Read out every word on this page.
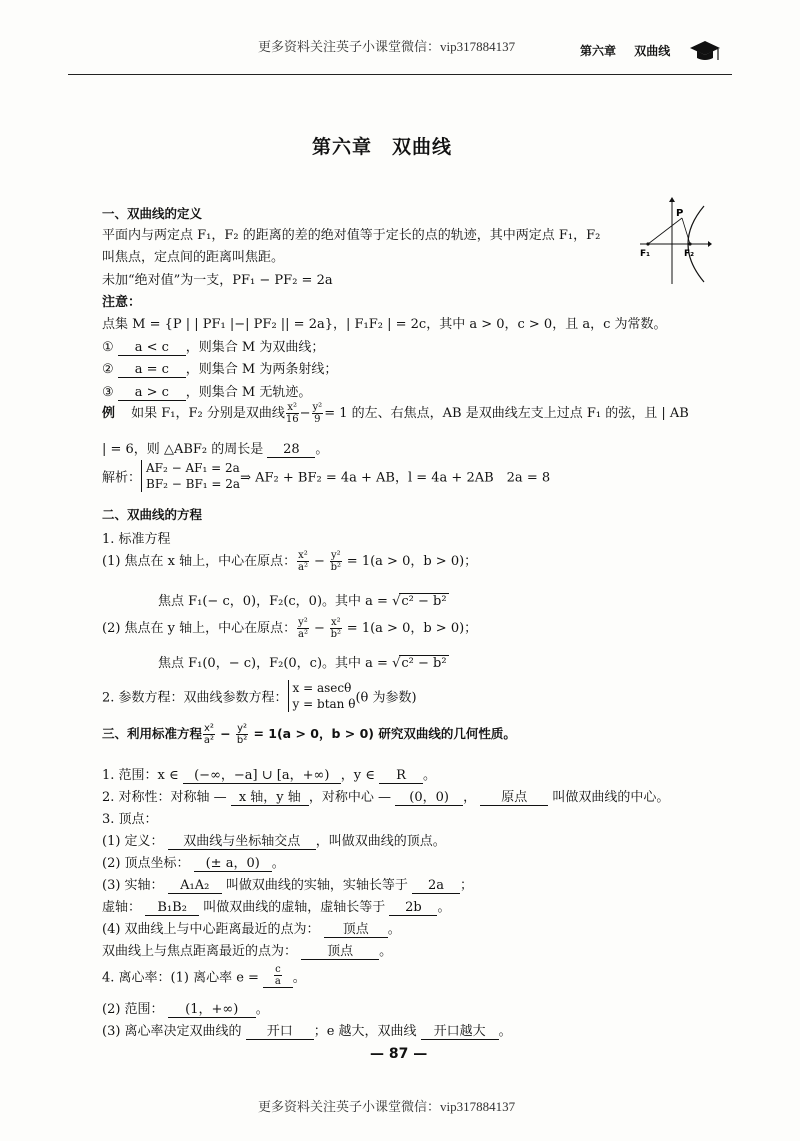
更多资料关注英子小课堂微信：vip317884137	第六章 双曲线
第六章　双曲线
一、双曲线的定义
平面内与两定点 F₁，F₂ 的距离的差的绝对值等于定长的点的轨迹，其中两定点 F₁，F₂
叫焦点，定点间的距离叫焦距。
未加“绝对值”为一支，PF₁ − PF₂ = 2a
注意：
点集 M = {P | | PF₁ |−| PF₂ || = 2a}，| F₁F₂ | = 2c，其中 a > 0，c > 0，且 a，c 为常数。
① a < c ，则集合 M 为双曲线；
② a = c ，则集合 M 为两条射线；
③ a > c ，则集合 M 无轨迹。
例 如果 F₁，F₂ 分别是双曲线 $\frac{\text{x²}}{16} - \frac{\text{y²}}{9} = 1$ 的左、右焦点，AB 是双曲线左支上过点 F₁ 的弦，且 | AB
| = 6，则 △ABF₂ 的周长是 28 。
解析：
AF₂ − AF₁ = 2a
BF₂ − BF₁ = 2a ⇒ AF₂ + BF₂ = 4a + AB，l = 4a + 2AB　2a = 8
P
F₁	F₂
二、双曲线的方程
1. 标准方程
(1) 焦点在 x 轴上，中心在原点： $\frac{\text{x²}}{\text{a²}} - \frac{\text{y²}}{\text{b²}} = 1(a > 0$，b > 0)；
焦点 F₁(− c，0)，F₂(c，0)。其中 a = √c² − b²
(2) 焦点在 y 轴上，中心在原点： $\frac{\text{y²}}{\text{a²}} - \frac{\text{x²}}{\text{b²}} = 1(a > 0$，b > 0)；
焦点 F₁(0，− c)，F₂(0，c)。其中 a = √c² − b²
2. 参数方程：双曲线参数方程：
x = asecθ
y = btan θ (θ 为参数)
三、利用标准方程 $\frac{\text{x²}}{\text{a²}} - \frac{\text{y²}}{\text{b²}} = 1(a > 0$，b > 0) 研究双曲线的几何性质。
1. 范围：x ∈ (−∞，−a] ∪ [a，+∞) ，y ∈ R 。
2. 对称性：对称轴 — x 轴，y 轴 ，对称中心 — (0，0) ， 原点 叫做双曲线的中心。
3. 顶点：
(1) 定义： 双曲线与坐标轴交点 ，叫做双曲线的顶点。
(2) 顶点坐标： (± a，0) 。
(3) 实轴： A₁A₂ 叫做双曲线的实轴，实轴长等于 2a ；
虚轴： B₁B₂ 叫做双曲线的虚轴，虚轴长等于 2b 。
(4) 双曲线上与中心距离最近的点为： 顶点 。
双曲线上与焦点距离最近的点为： 顶点 。
4. 离心率：(1) 离心率 $e = \frac{c}{a}$ 。
(2) 范围： (1，+∞) 。
(3) 离心率决定双曲线的 开口 ；e 越大，双曲线 开口越大 。
— 87 —
更多资料关注英子小课堂微信：vip317884137
